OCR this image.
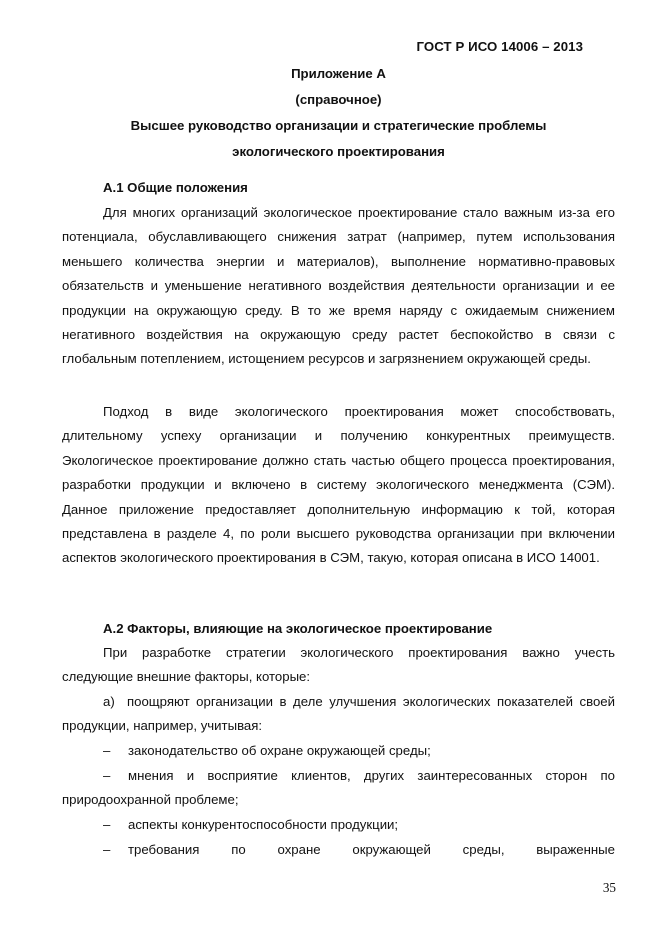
ГОСТ Р ИСО 14006 – 2013
Приложение А
(справочное)
Высшее руководство организации и стратегические проблемы
экологического проектирования
А.1 Общие положения

Для многих организаций экологическое проектирование стало важным из-за его потенциала, обуславливающего снижения затрат (например, путем использования меньшего количества энергии и материалов), выполнение нормативно-правовых обязательств и уменьшение негативного воздействия деятельности организации и ее продукции на окружающую среду. В то же время наряду с ожидаемым снижением негативного воздействия на окружающую среду растет беспокойство в связи с глобальным потеплением, истощением ресурсов и загрязнением окружающей среды.

Подход в виде экологического проектирования может способствовать, длительному успеху организации и получению конкурентных преимуществ. Экологическое проектирование должно стать частью общего процесса проектирования, разработки продукции и включено в систему экологического менеджмента (СЭМ). Данное приложение предоставляет дополнительную информацию к той, которая представлена в разделе 4, по роли высшего руководства организации при включении аспектов экологического проектирования в СЭМ, такую, которая описана в ИСО 14001.

А.2 Факторы, влияющие на экологическое проектирование

При разработке стратегии экологического проектирования важно учесть следующие внешние факторы, которые:

а) поощряют организации в деле улучшения экологических показателей своей продукции, например, учитывая:

– законодательство об охране окружающей среды;

– мнения и восприятие клиентов, других заинтересованных сторон по природоохранной проблеме;

– аспекты конкурентоспособности продукции;

– требования по охране окружающей среды, выраженные

35
